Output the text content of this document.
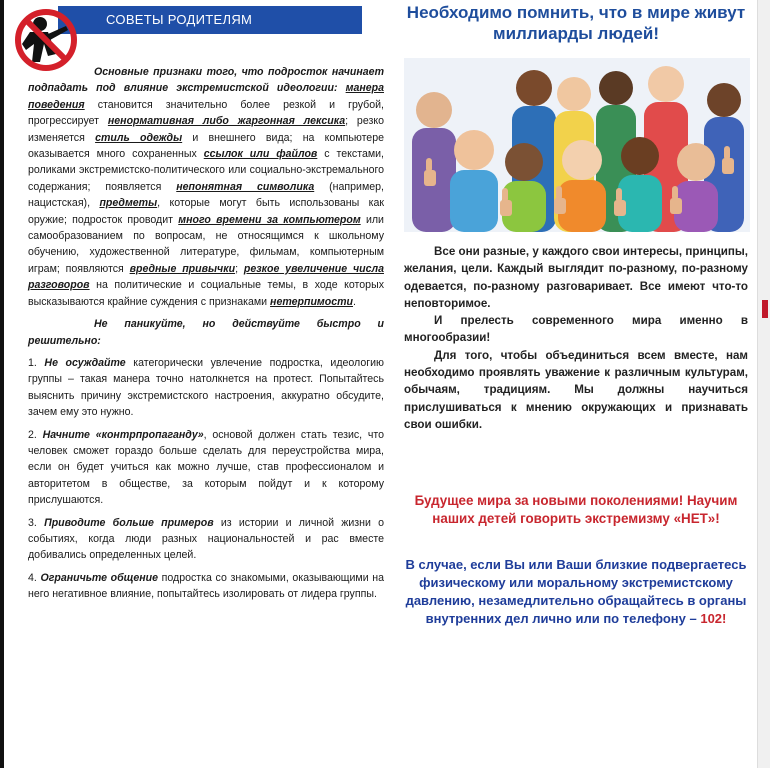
СОВЕТЫ РОДИТЕЛЯМ

Основные признаки того, что подросток начинает подпадать под влияние экстремистской идеологии: манера поведения становится значительно более резкой и грубой, прогрессирует ненормативная либо жаргонная лексика; резко изменяется стиль одежды и внешнего вида; на компьютере оказывается много сохраненных ссылок или файлов с текстами, роликами экстремистско-политического или социально-экстремального содержания; появляется непонятная символика (например, нацистская), предметы, которые могут быть использованы как оружие; подросток проводит много времени за компьютером или самообразованием по вопросам, не относящимся к школьному обучению, художественной литературе, фильмам, компьютерным играм; появляются вредные привычки; резкое увеличение числа разговоров на политические и социальные темы, в ходе которых высказываются крайние суждения с признаками нетерпимости.

Не паникуйте, но действуйте быстро и решительно:

1. Не осуждайте категорически увлечение подростка, идеологию группы – такая манера точно натолкнется на протест. Попытайтесь выяснить причину экстремистского настроения, аккуратно обсудите, зачем ему это нужно.

2. Начните «контрпропаганду», основой должен стать тезис, что человек сможет гораздо больше сделать для переустройства мира, если он будет учиться как можно лучше, став профессионалом и авторитетом в обществе, за которым пойдут и к которому прислушаются.

3. Приводите больше примеров из истории и личной жизни о событиях, когда люди разных национальностей и рас вместе добивались определенных целей.

4. Ограничьте общение подростка со знакомыми, оказывающими на него негативное влияние, попытайтесь изолировать от лидера группы.

Необходимо помнить, что в мире живут миллиарды людей!

Все они разные, у каждого свои интересы, принципы, желания, цели. Каждый выглядит по-разному, по-разному одевается, по-разному разговаривает. Все имеют что-то неповторимое.

И прелесть современного мира именно в многообразии!

Для того, чтобы объединиться всем вместе, нам необходимо проявлять уважение к различным культурам, обычаям, традициям. Мы должны научиться прислушиваться к мнению окружающих и признавать свои ошибки.

Будущее мира за новыми поколениями! Научим наших детей говорить экстремизму «НЕТ»!
В случае, если Вы или Ваши близкие подвергаетесь физическому или моральному экстремистскому давлению, незамедлительно обращайтесь в органы внутренних дел лично или по телефону – 102!
